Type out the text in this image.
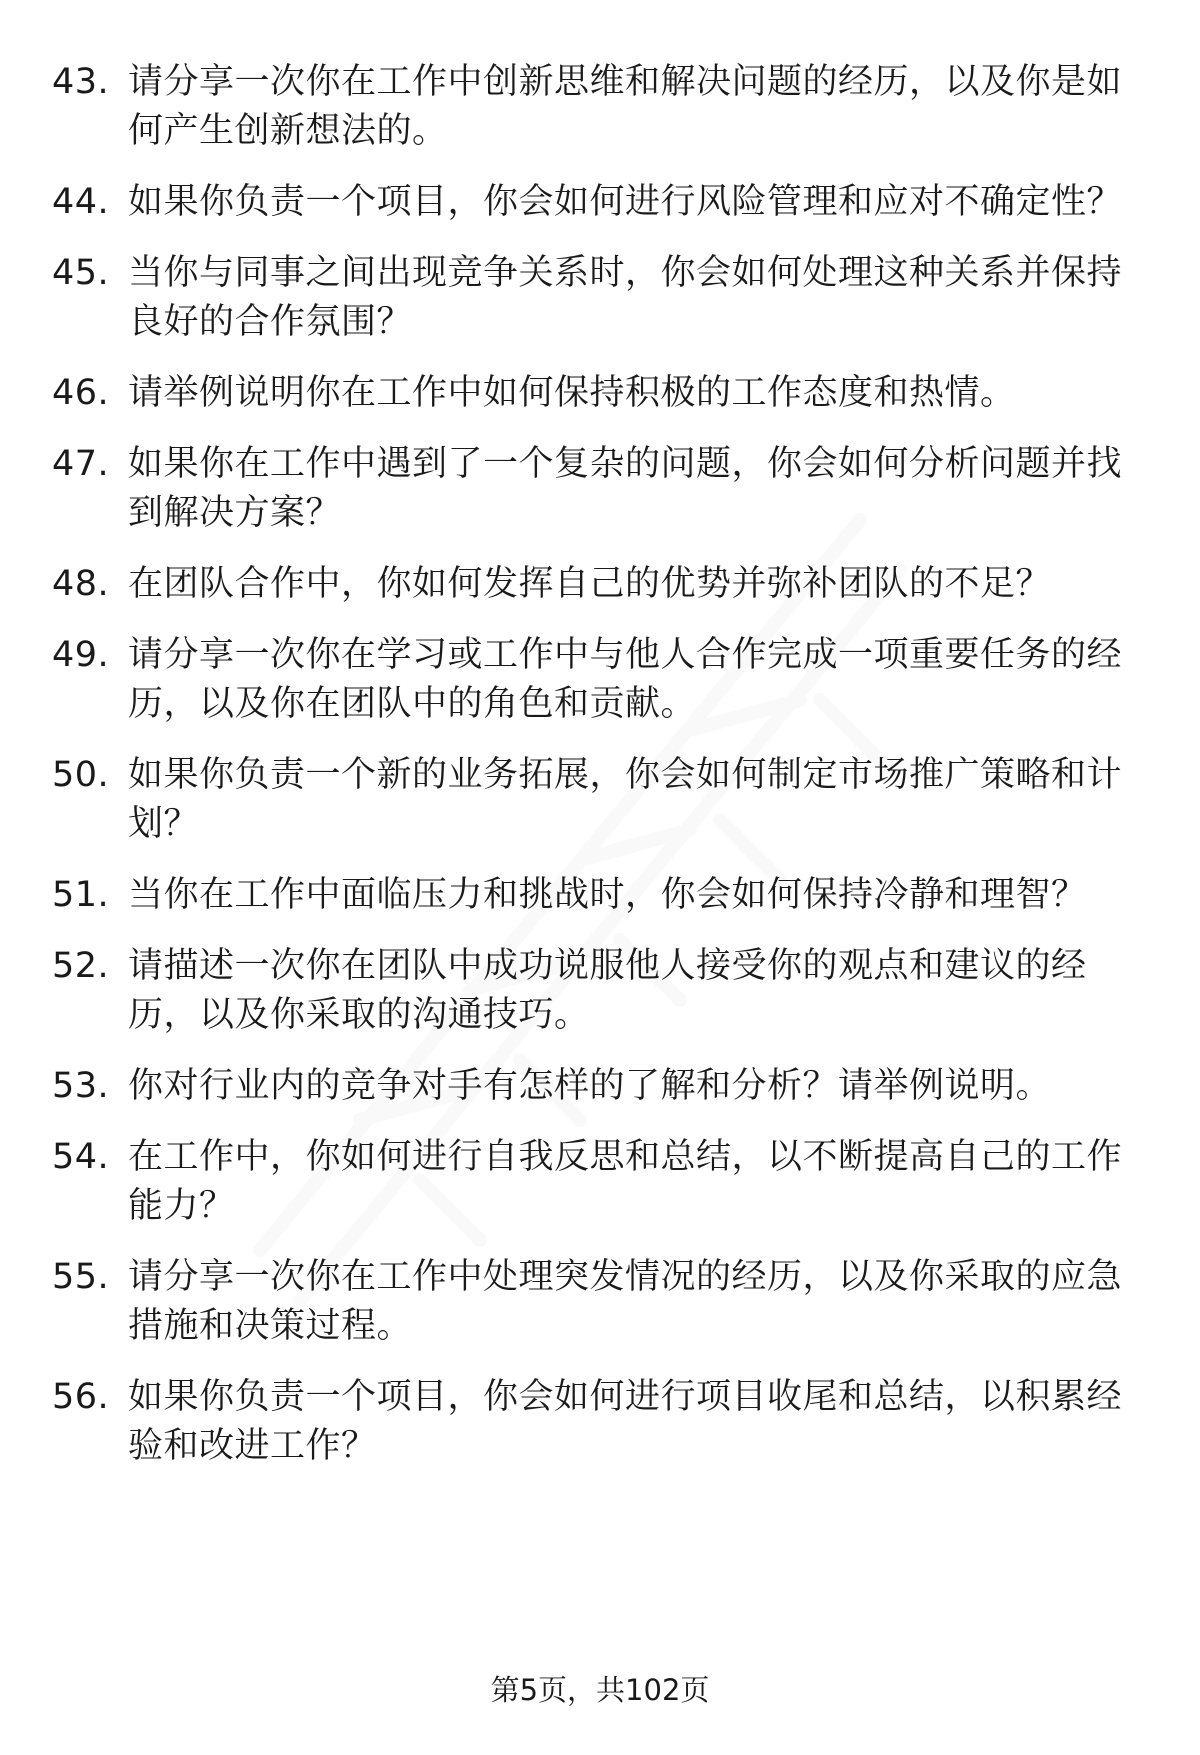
43. 请分享一次你在工作中创新思维和解决问题的经历，以及你是如何产生创新想法的。
44. 如果你负责一个项目，你会如何进行风险管理和应对不确定性？
45. 当你与同事之间出现竞争关系时，你会如何处理这种关系并保持良好的合作氛围？
46. 请举例说明你在工作中如何保持积极的工作态度和热情。
47. 如果你在工作中遇到了一个复杂的问题，你会如何分析问题并找到解决方案？
48. 在团队合作中，你如何发挥自己的优势并弥补团队的不足？
49. 请分享一次你在学习或工作中与他人合作完成一项重要任务的经历，以及你在团队中的角色和贡献。
50. 如果你负责一个新的业务拓展，你会如何制定市场推广策略和计划？
51. 当你在工作中面临压力和挑战时，你会如何保持冷静和理智？
52. 请描述一次你在团队中成功说服他人接受你的观点和建议的经历，以及你采取的沟通技巧。
53. 你对行业内的竞争对手有怎样的了解和分析？请举例说明。
54. 在工作中，你如何进行自我反思和总结，以不断提高自己的工作能力？
55. 请分享一次你在工作中处理突发情况的经历，以及你采取的应急措施和决策过程。
56. 如果你负责一个项目，你会如何进行项目收尾和总结，以积累经验和改进工作？
第5页，共102页
